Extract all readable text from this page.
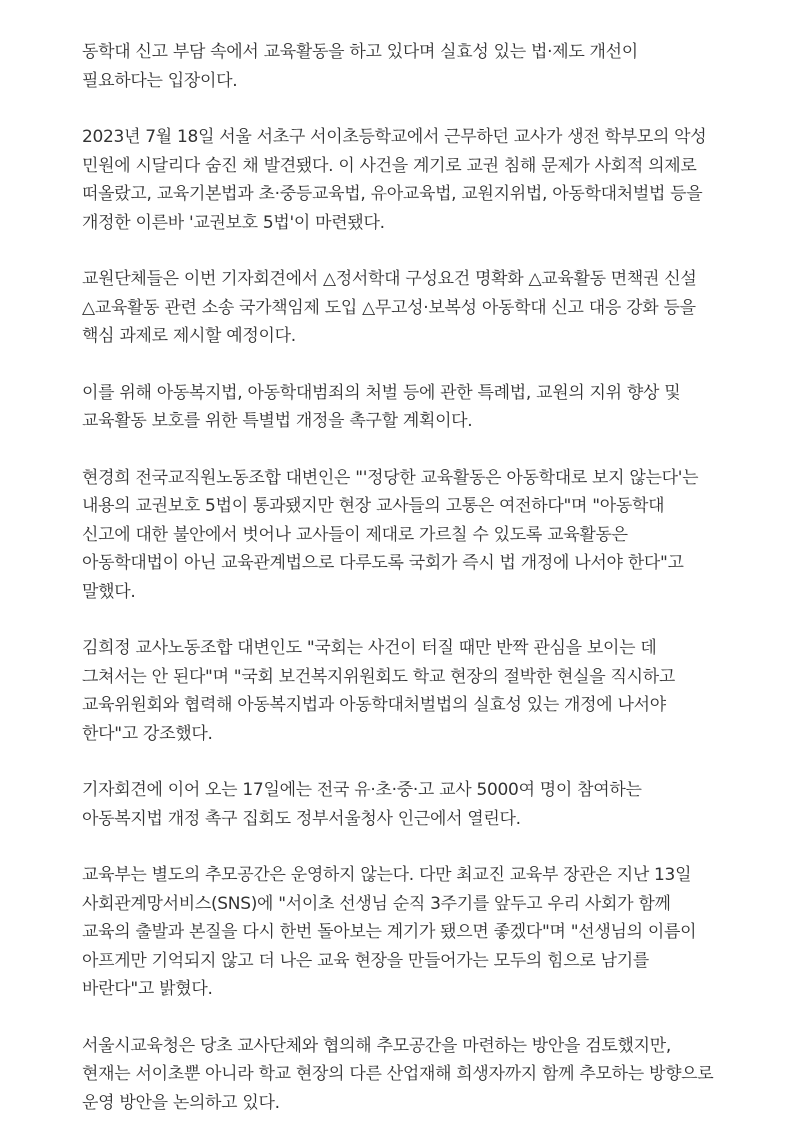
동학대 신고 부담 속에서 교육활동을 하고 있다며 실효성 있는 법·제도 개선이 필요하다는 입장이다.

2023년 7월 18일 서울 서초구 서이초등학교에서 근무하던 교사가 생전 학부모의 악성 민원에 시달리다 숨진 채 발견됐다. 이 사건을 계기로 교권 침해 문제가 사회적 의제로 떠올랐고, 교육기본법과 초·중등교육법, 유아교육법, 교원지위법, 아동학대처벌법 등을 개정한 이른바 '교권보호 5법'이 마련됐다.

교원단체들은 이번 기자회견에서 △정서학대 구성요건 명확화 △교육활동 면책권 신설 △교육활동 관련 소송 국가책임제 도입 △무고성·보복성 아동학대 신고 대응 강화 등을 핵심 과제로 제시할 예정이다.

이를 위해 아동복지법, 아동학대범죄의 처벌 등에 관한 특례법, 교원의 지위 향상 및 교육활동 보호를 위한 특별법 개정을 촉구할 계획이다.

현경희 전국교직원노동조합 대변인은 "'정당한 교육활동은 아동학대로 보지 않는다'는 내용의 교권보호 5법이 통과됐지만 현장 교사들의 고통은 여전하다"며 "아동학대 신고에 대한 불안에서 벗어나 교사들이 제대로 가르칠 수 있도록 교육활동은 아동학대법이 아닌 교육관계법으로 다루도록 국회가 즉시 법 개정에 나서야 한다"고 말했다.

김희정 교사노동조합 대변인도 "국회는 사건이 터질 때만 반짝 관심을 보이는 데 그쳐서는 안 된다"며 "국회 보건복지위원회도 학교 현장의 절박한 현실을 직시하고 교육위원회와 협력해 아동복지법과 아동학대처벌법의 실효성 있는 개정에 나서야 한다"고 강조했다.

기자회견에 이어 오는 17일에는 전국 유·초·중·고 교사 5000여 명이 참여하는 아동복지법 개정 촉구 집회도 정부서울청사 인근에서 열린다.

교육부는 별도의 추모공간은 운영하지 않는다. 다만 최교진 교육부 장관은 지난 13일 사회관계망서비스(SNS)에 "서이초 선생님 순직 3주기를 앞두고 우리 사회가 함께 교육의 출발과 본질을 다시 한번 돌아보는 계기가 됐으면 좋겠다"며 "선생님의 이름이 아프게만 기억되지 않고 더 나은 교육 현장을 만들어가는 모두의 힘으로 남기를 바란다"고 밝혔다.

서울시교육청은 당초 교사단체와 협의해 추모공간을 마련하는 방안을 검토했지만, 현재는 서이초뿐 아니라 학교 현장의 다른 산업재해 희생자까지 함께 추모하는 방향으로 운영 방안을 논의하고 있다.
